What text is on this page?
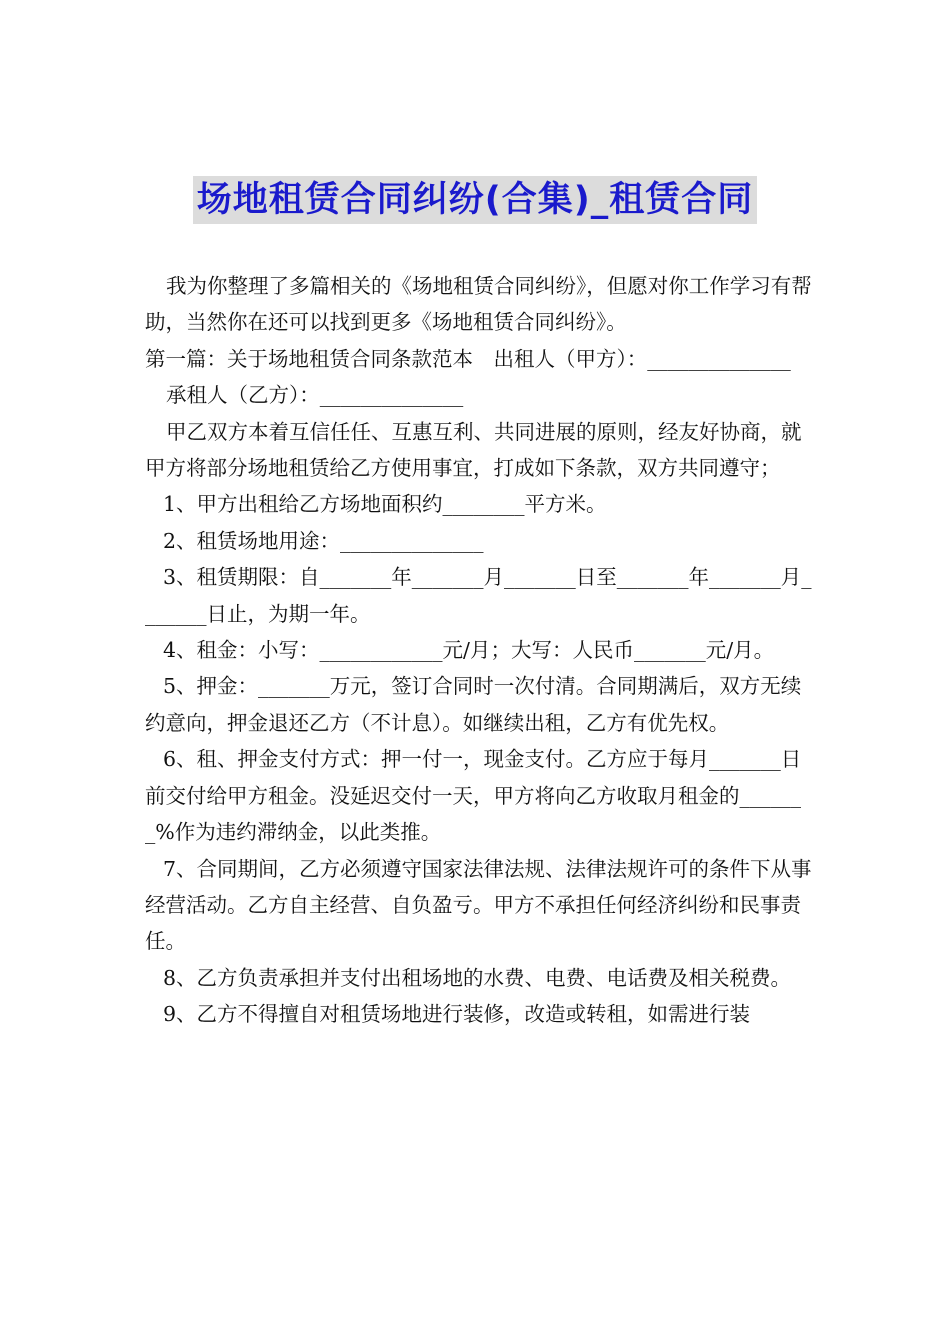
场地租赁合同纠纷(合集)_租赁合同

我为你整理了多篇相关的《场地租赁合同纠纷》，但愿对你工作学习有帮助，当然你在还可以找到更多《场地租赁合同纠纷》。

第一篇：关于场地租赁合同条款范本　出租人（甲方）：______________

承租人（乙方）：______________

甲乙双方本着互信任任、互惠互利、共同进展的原则，经友好协商，就甲方将部分场地租赁给乙方使用事宜，打成如下条款，双方共同遵守；

1、甲方出租给乙方场地面积约________平方米。

2、租赁场地用途：______________

3、租赁期限：自_______年_______月_______日至_______年_______月_______日止，为期一年。

4、租金：小写：____________元/月；大写：人民币_______元/月。

5、押金：_______万元，签订合同时一次付清。合同期满后，双方无续约意向，押金退还乙方（不计息）。如继续出租，乙方有优先权。

6、租、押金支付方式：押一付一，现金支付。乙方应于每月_______日前交付给甲方租金。没延迟交付一天，甲方将向乙方收取月租金的_______%作为违约滞纳金，以此类推。

7、合同期间，乙方必须遵守国家法律法规、法律法规许可的条件下从事经营活动。乙方自主经营、自负盈亏。甲方不承担任何经济纠纷和民事责任。

8、乙方负责承担并支付出租场地的水费、电费、电话费及相关税费。

9、乙方不得擅自对租赁场地进行装修，改造或转租，如需进行装
